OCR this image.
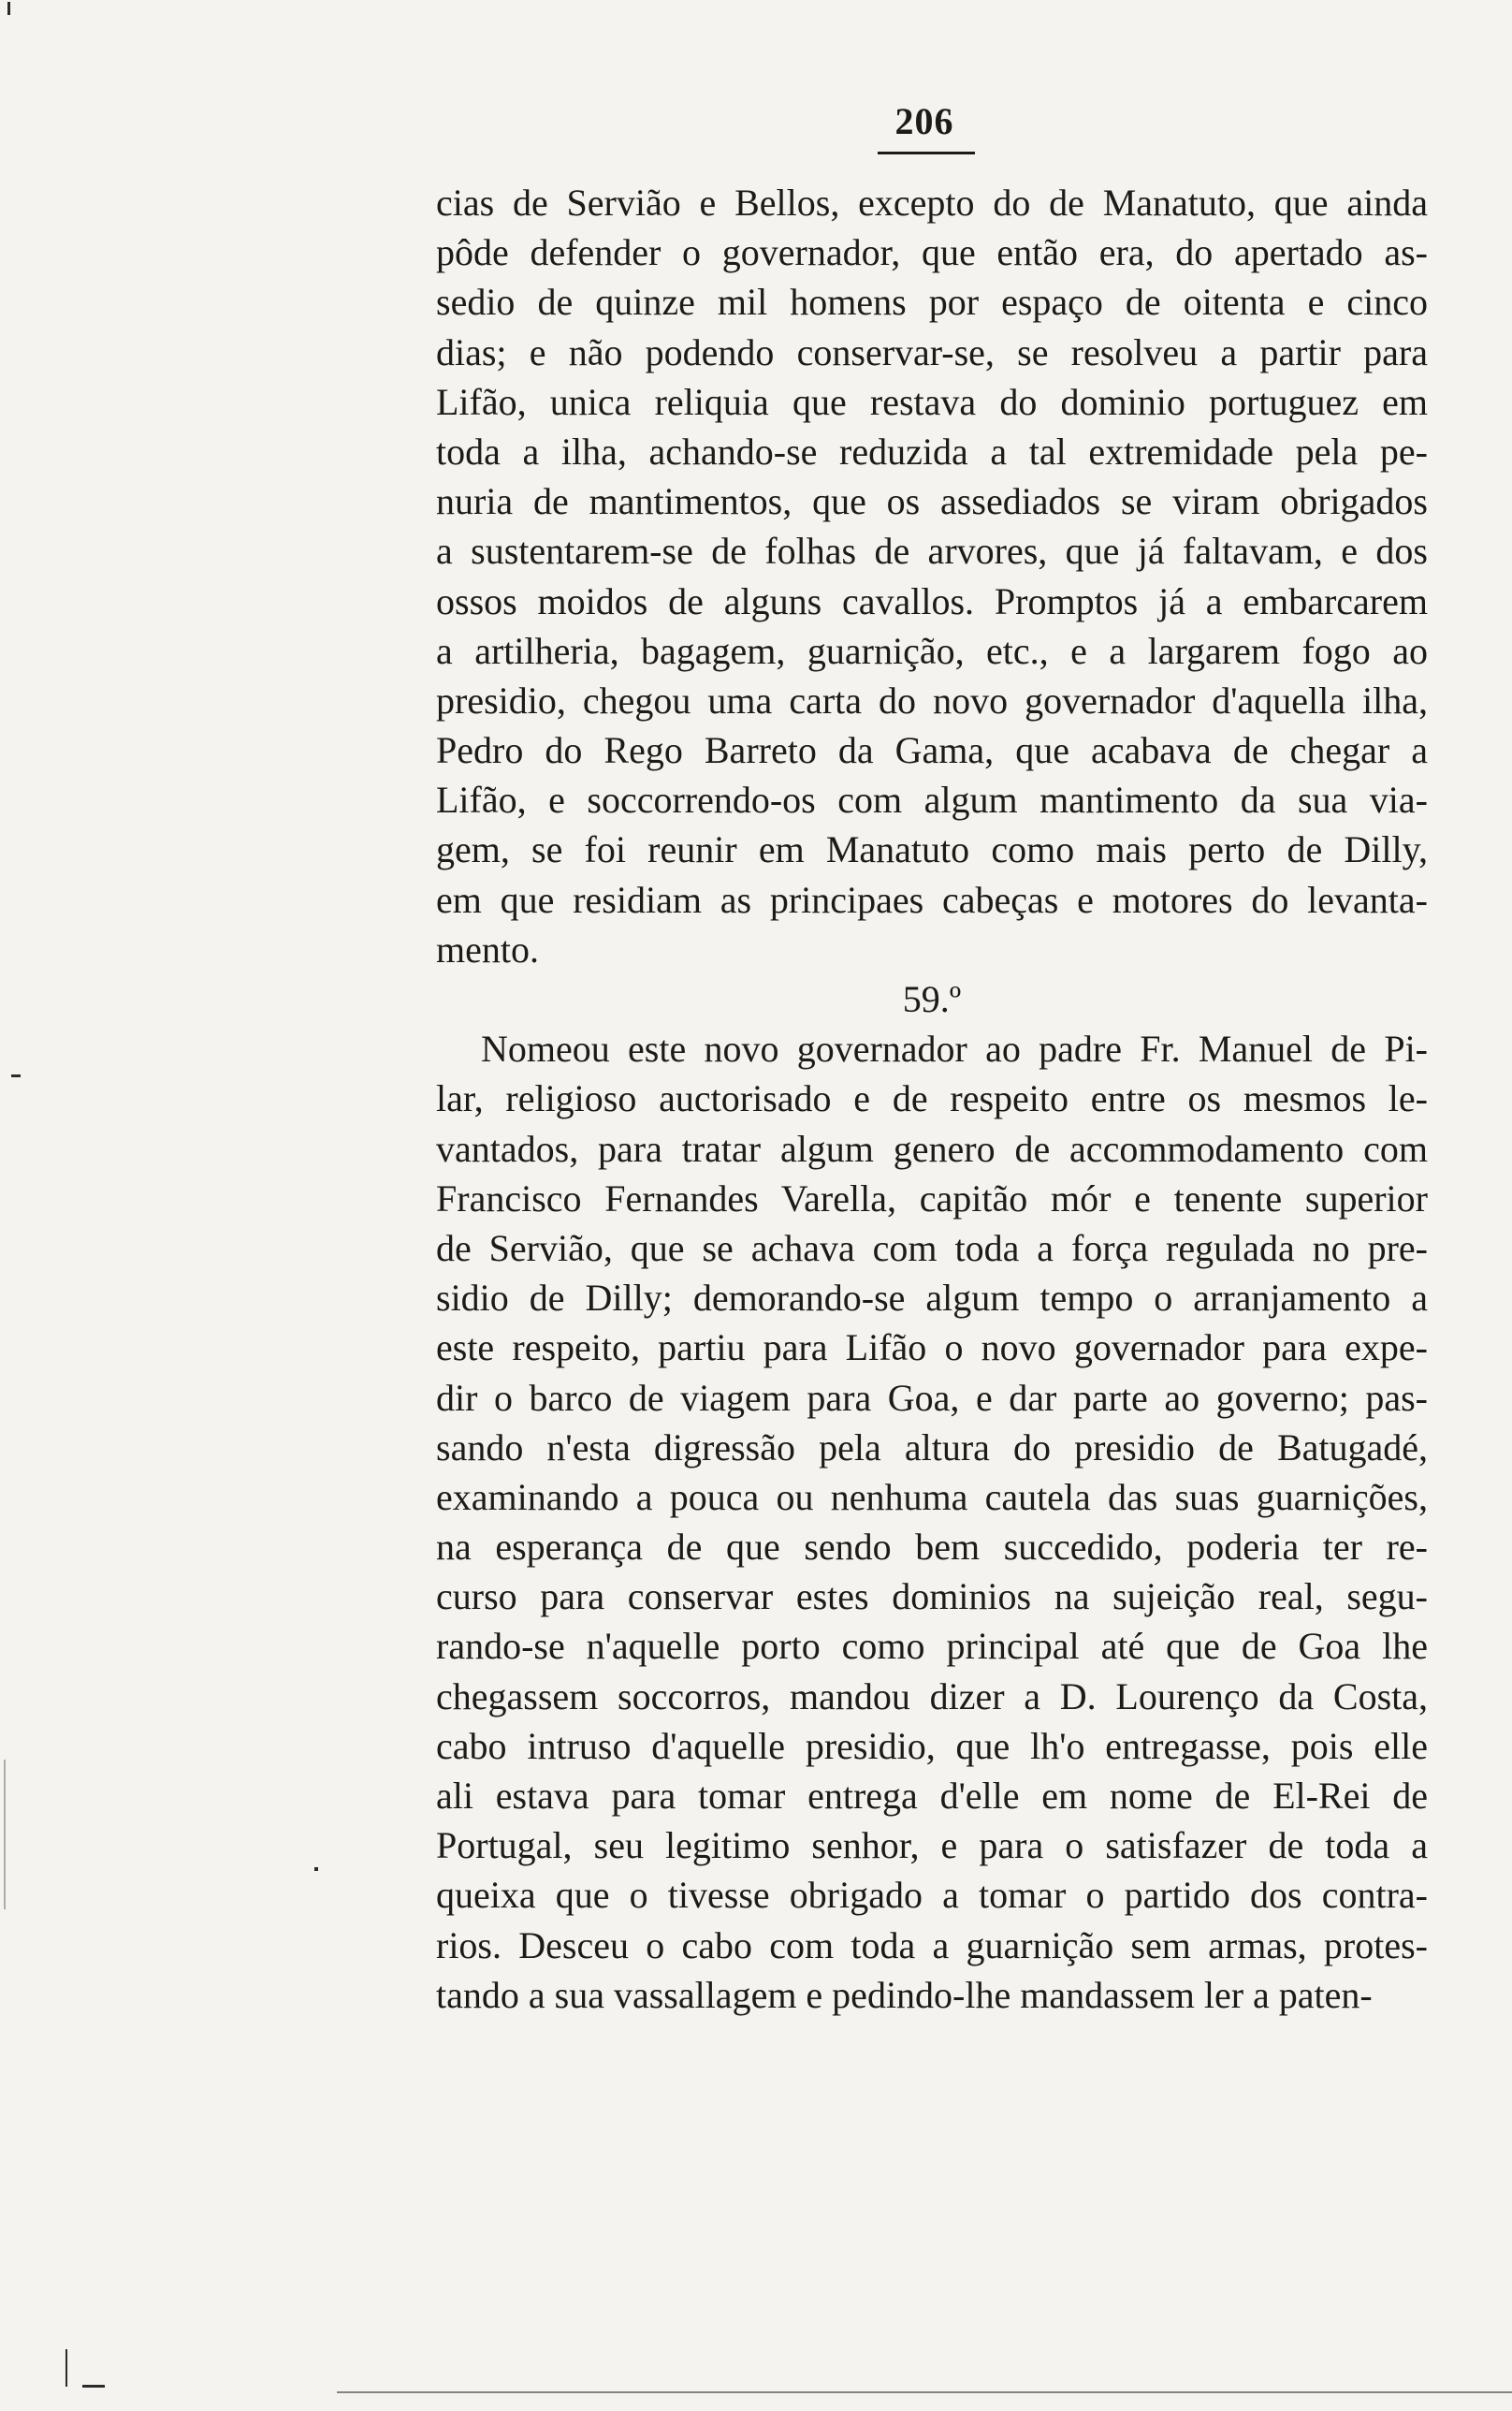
206
cias de Servião e Bellos, excepto do de Manatuto, que ainda
pôde defender o governador, que então era, do apertado as-
sedio de quinze mil homens por espaço de oitenta e cinco
dias; e não podendo conservar-se, se resolveu a partir para
Lifão, unica reliquia que restava do dominio portuguez em
toda a ilha, achando-se reduzida a tal extremidade pela pe-
nuria de mantimentos, que os assediados se viram obrigados
a sustentarem-se de folhas de arvores, que já faltavam, e dos
ossos moidos de alguns cavallos. Promptos já a embarcarem
a artilheria, bagagem, guarnição, etc., e a largarem fogo ao
presidio, chegou uma carta do novo governador d'aquella ilha,
Pedro do Rego Barreto da Gama, que acabava de chegar a
Lifão, e soccorrendo-os com algum mantimento da sua via-
gem, se foi reunir em Manatuto como mais perto de Dilly,
em que residiam as principaes cabeças e motores do levanta-
mento.
59.º
Nomeou este novo governador ao padre Fr. Manuel de Pi-
lar, religioso auctorisado e de respeito entre os mesmos le-
vantados, para tratar algum genero de accommodamento com
Francisco Fernandes Varella, capitão mór e tenente superior
de Servião, que se achava com toda a força regulada no pre-
sidio de Dilly; demorando-se algum tempo o arranjamento a
este respeito, partiu para Lifão o novo governador para expe-
dir o barco de viagem para Goa, e dar parte ao governo; pas-
sando n'esta digressão pela altura do presidio de Batugadé,
examinando a pouca ou nenhuma cautela das suas guarnições,
na esperança de que sendo bem succedido, poderia ter re-
curso para conservar estes dominios na sujeição real, segu-
rando-se n'aquelle porto como principal até que de Goa lhe
chegassem soccorros, mandou dizer a D. Lourenço da Costa,
cabo intruso d'aquelle presidio, que lh'o entregasse, pois elle
ali estava para tomar entrega d'elle em nome de El-Rei de
Portugal, seu legitimo senhor, e para o satisfazer de toda a
queixa que o tivesse obrigado a tomar o partido dos contra-
rios. Desceu o cabo com toda a guarnição sem armas, protes-
tando a sua vassallagem e pedindo-lhe mandassem ler a paten-
